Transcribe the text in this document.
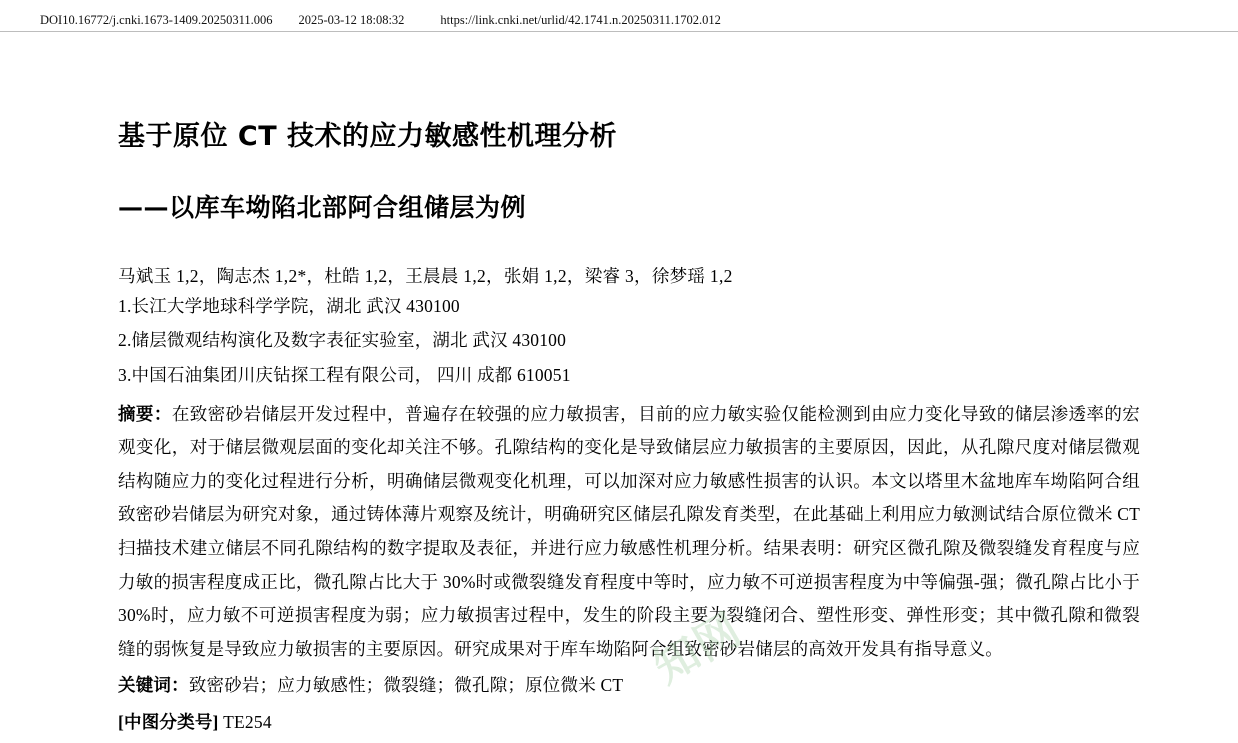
DOI10.16772/j.cnki.1673-1409.20250311.006 2025-03-12 18:08:32	https://link.cnki.net/urlid/42.1741.n.20250311.1702.012
基于原位 CT 技术的应力敏感性机理分析
——以库车坳陷北部阿合组储层为例
马斌玉 1,2，陶志杰 1,2*，杜皓 1,2，王晨晨 1,2，张娟 1,2，梁睿 3，徐梦瑶 1,2
1.长江大学地球科学学院，湖北 武汉 430100
2.储层微观结构演化及数字表征实验室，湖北 武汉 430100
3.中国石油集团川庆钻探工程有限公司， 四川 成都 610051
摘要：在致密砂岩储层开发过程中，普遍存在较强的应力敏损害，目前的应力敏实验仅能检测到由应力变化导致的储层渗透率的宏观变化，对于储层微观层面的变化却关注不够。孔隙结构的变化是导致储层应力敏损害的主要原因，因此，从孔隙尺度对储层微观结构随应力的变化过程进行分析，明确储层微观变化机理，可以加深对应力敏感性损害的认识。本文以塔里木盆地库车坳陷阿合组致密砂岩储层为研究对象，通过铸体薄片观察及统计，明确研究区储层孔隙发育类型，在此基础上利用应力敏测试结合原位微米 CT 扫描技术建立储层不同孔隙结构的数字提取及表征，并进行应力敏感性机理分析。结果表明：研究区微孔隙及微裂缝发育程度与应力敏的损害程度成正比，微孔隙占比大于 30%时或微裂缝发育程度中等时，应力敏不可逆损害程度为中等偏强-强；微孔隙占比小于 30%时，应力敏不可逆损害程度为弱；应力敏损害过程中，发生的阶段主要为裂缝闭合、塑性形变、弹性形变；其中微孔隙和微裂缝的弱恢复是导致应力敏损害的主要原因。研究成果对于库车坳陷阿合组致密砂岩储层的高效开发具有指导意义。
关键词：致密砂岩；应力敏感性；微裂缝；微孔隙；原位微米 CT
[中图分类号] TE254
知网
